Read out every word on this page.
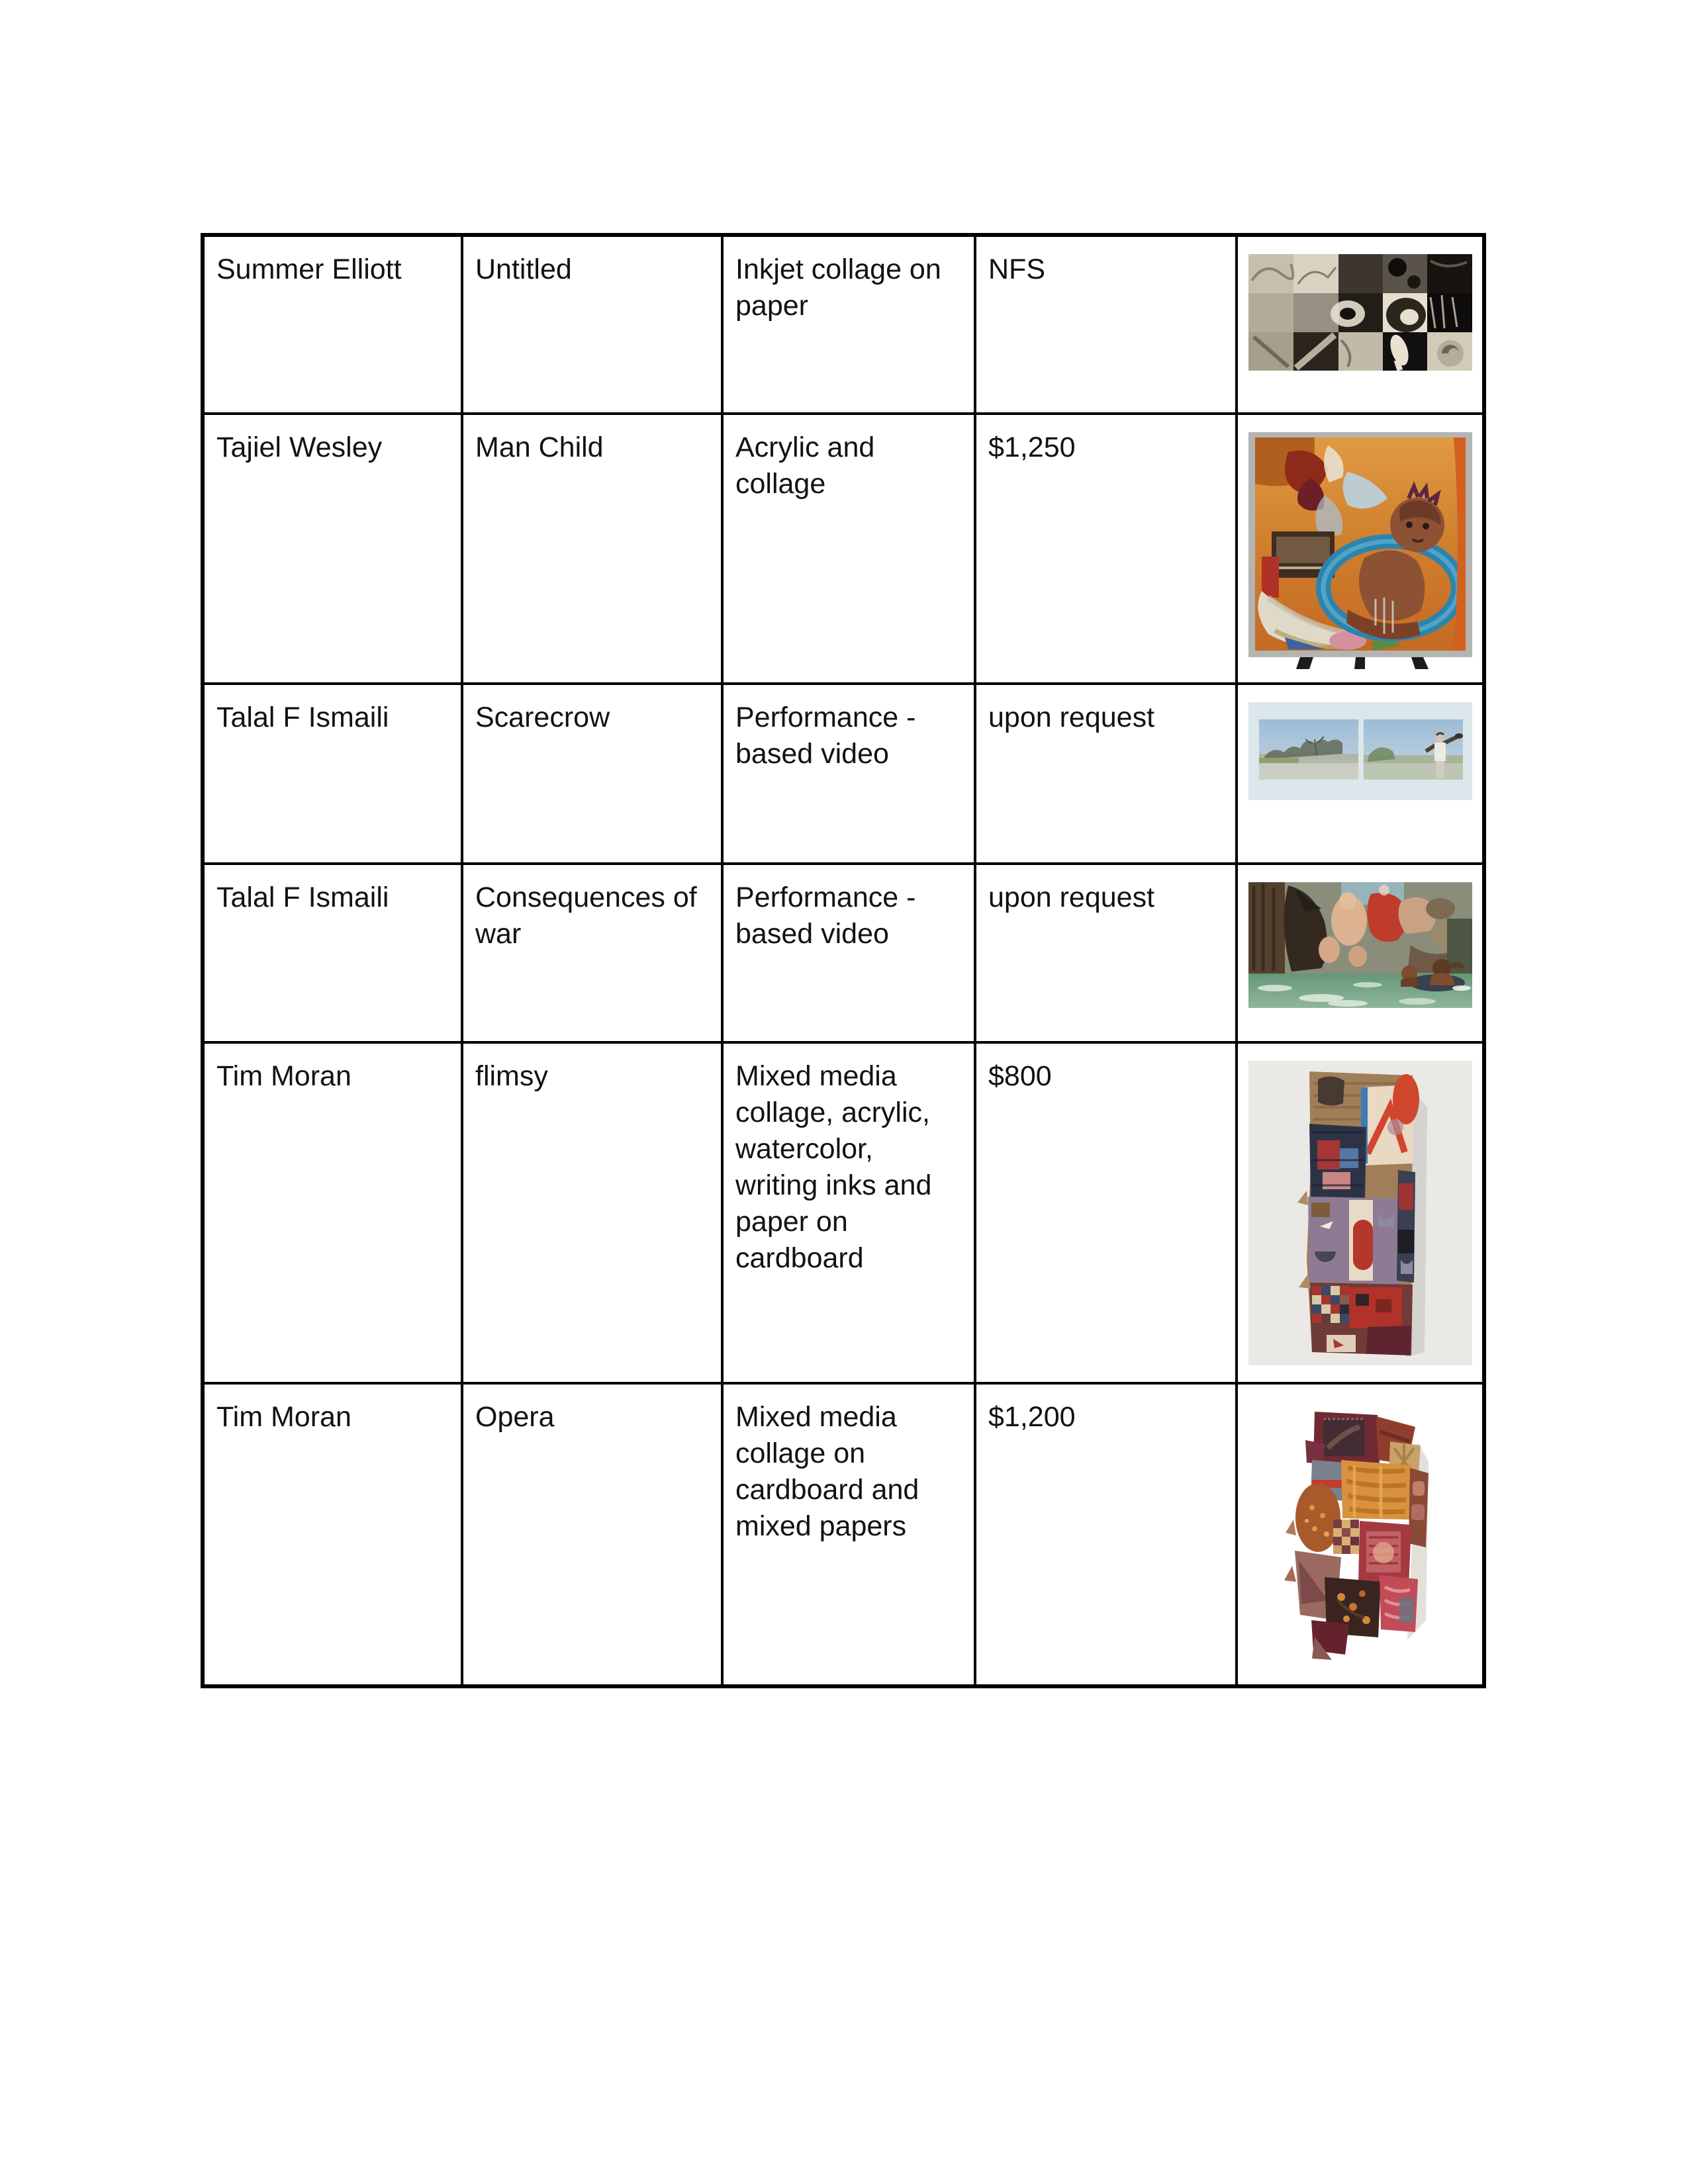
Summer Elliott	Untitled	Inkjet collage on paper	NFS	

Tajiel Wesley	Man Child	Acrylic and collage	$1,250	

Talal F Ismaili	Scarecrow	Performance -based video	upon request	

Talal F Ismaili	Consequences of war	Performance -based video	upon request	

Tim Moran	flimsy	Mixed media collage, acrylic, watercolor, writing inks and paper on cardboard	$800	

Tim Moran	Opera	Mixed media collage on cardboard and mixed papers	$1,200	
